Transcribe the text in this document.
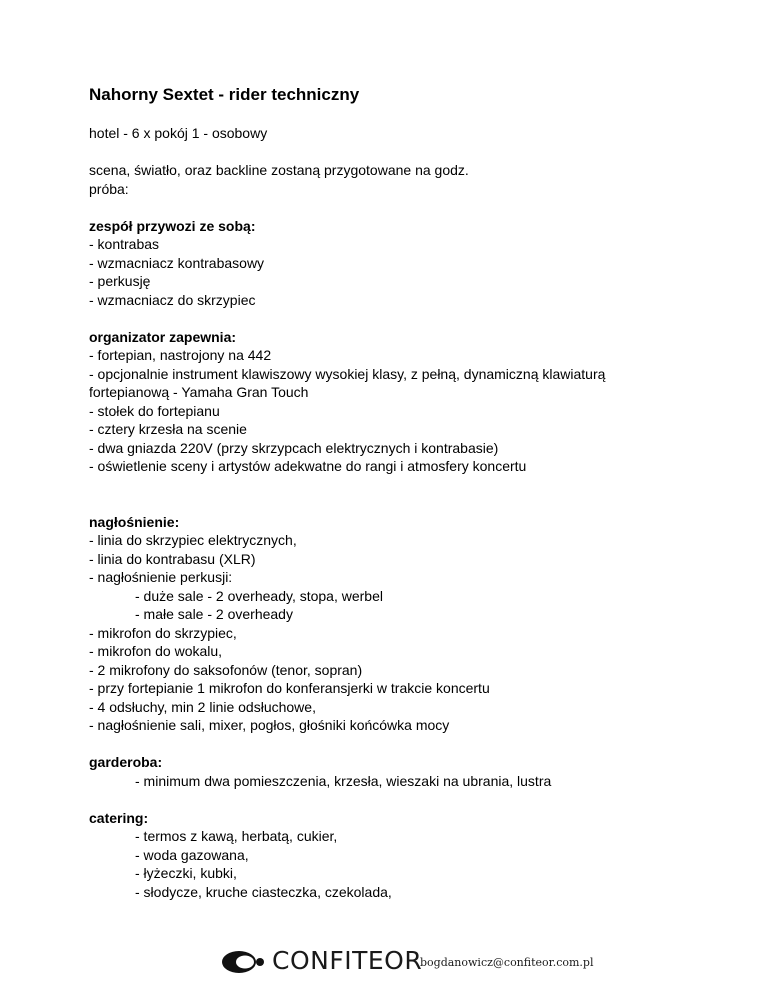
Nahorny Sextet - rider techniczny

hotel - 6 x pokój 1 - osobowy

scena, światło, oraz backline zostaną przygotowane na godz.

próba:

zespół przywozi ze sobą:

- kontrabas

- wzmacniacz kontrabasowy

- perkusję

- wzmacniacz do skrzypiec

organizator zapewnia:

- fortepian, nastrojony na 442

- opcjonalnie instrument klawiszowy wysokiej klasy, z pełną, dynamiczną klawiaturą

fortepianową - Yamaha Gran Touch

- stołek do fortepianu

- cztery krzesła na scenie

- dwa gniazda 220V (przy skrzypcach elektrycznych i kontrabasie)

- oświetlenie sceny i artystów adekwatne do rangi i atmosfery koncertu

nagłośnienie:

- linia do skrzypiec elektrycznych,

- linia do kontrabasu (XLR)

- nagłośnienie perkusji:

- duże sale - 2 overheady, stopa, werbel

- małe sale - 2 overheady

- mikrofon do skrzypiec,

- mikrofon do wokalu,

- 2 mikrofony do saksofonów (tenor, sopran)

- przy fortepianie 1 mikrofon do konferansjerki w trakcie koncertu

- 4 odsłuchy, min 2 linie odsłuchowe,

- nagłośnienie sali, mixer, pogłos, głośniki końcówka mocy

garderoba:

- minimum dwa pomieszczenia, krzesła, wieszaki na ubrania, lustra

catering:

- termos z kawą, herbatą, cukier,

- woda gazowana,

- łyżeczki, kubki,

- słodycze, kruche ciasteczka, czekolada,

CONFITEOR
bogdanowicz@confiteor.com.pl
